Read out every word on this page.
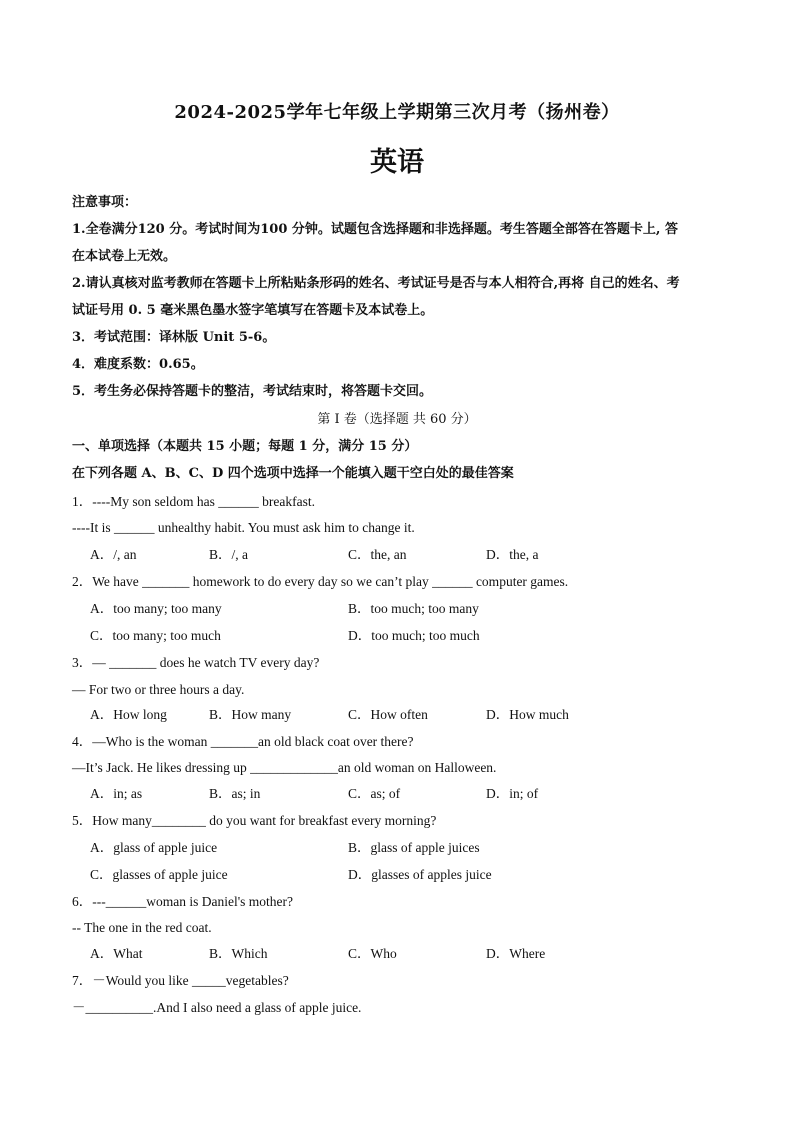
2024-2025学年七年级上学期第三次月考（扬州卷）
英语
注意事项：
1.全卷满分120 分。考试时间为100 分钟。试题包含选择题和非选择题。考生答题全部答在答题卡上, 答
在本试卷上无效。
2.请认真核对监考教师在答题卡上所粘贴条形码的姓名、考试证号是否与本人相符合,再将 自己的姓名、考
试证号用 0. 5 毫米黑色墨水签字笔填写在答题卡及本试卷上。
3．考试范围：译林版 Unit 5-6。
4．难度系数：0.65。
5．考生务必保持答题卡的整洁，考试结束时，将答题卡交回。
第 I 卷（选择题 共 60 分）
一、单项选择（本题共 15 小题；每题 1 分，满分 15 分）
在下列各题 A、B、C、D 四个选项中选择一个能填入题干空白处的最佳答案
1．----My son seldom has ______ breakfast.
----It is ______ unhealthy habit. You must ask him to change it.
A．/, an	B．/, a	C．the, an	D．the, a
2．We have _______ homework to do every day so we can’t play ______ computer games.
A．too many; too many	B．too much; too many
C．too many; too much	D．too much; too much
3．— _______ does he watch TV every day?
— For two or three hours a day.
A．How long	B．How many	C．How often	D．How much
4．—Who is the woman _______an old black coat over there?
—It’s Jack. He likes dressing up _____________an old woman on Halloween.
A．in; as	B．as; in	C．as; of	D．in; of
5．How many________ do you want for breakfast every morning?
A．glass of apple juice	B．glass of apple juices
C．glasses of apple juice	D．glasses of apples juice
6．---______woman is Daniel's mother?
-- The one in the red coat.
A．What	B．Which	C．Who	D．Where
7．－Would you like _____vegetables?
－__________.And I also need a glass of apple juice.
